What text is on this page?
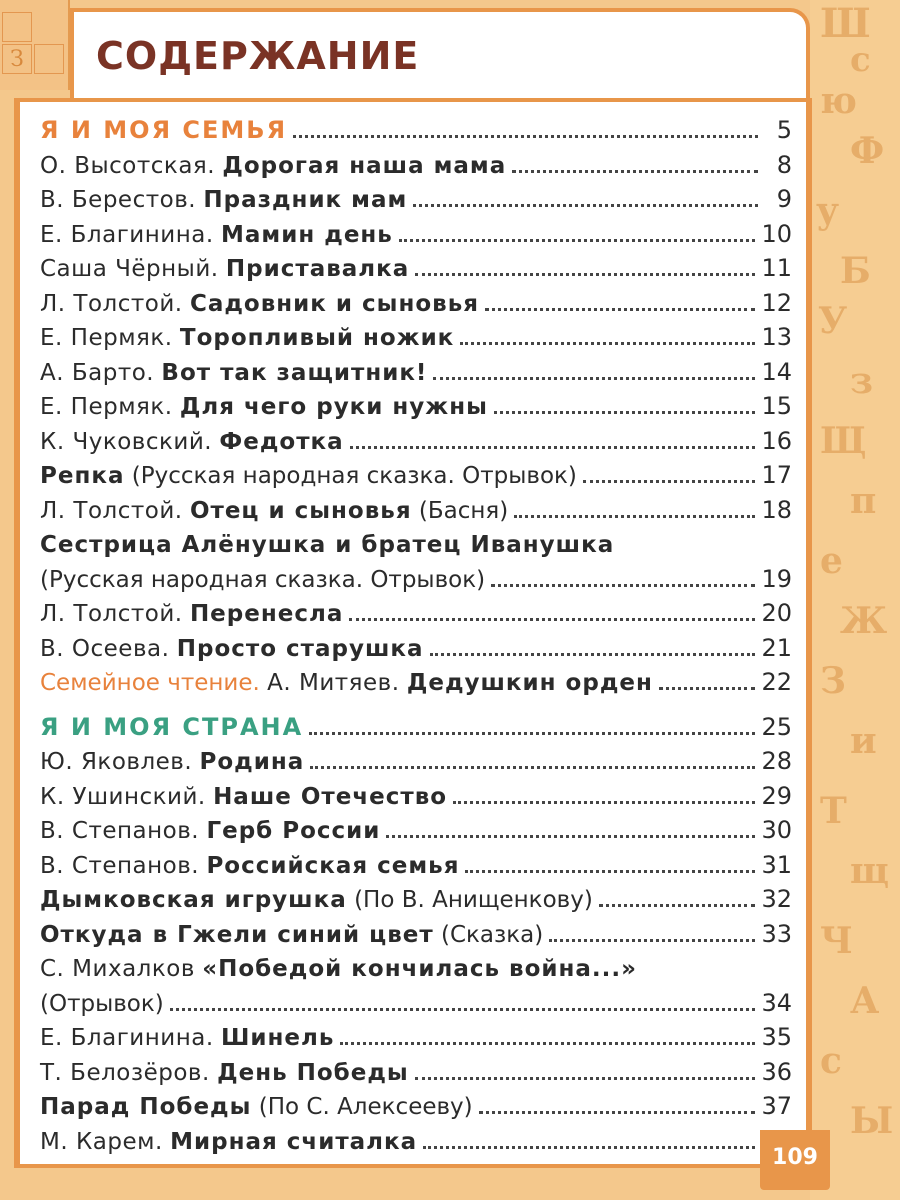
Ш
с
ю
Ф
у
Б
У
з
Щ
п
е
Ж
З
и
Т
щ
Ч
А
с
Ы
З СОДЕРЖАНИЕ
Я И МОЯ СЕМЬЯ	5
О. Высотская. Дорогая наша мама	8
В. Берестов. Праздник мам	9
Е. Благинина. Мамин день	10
Саша Чёрный. Приставалка	11
Л. Толстой. Садовник и сыновья	12
Е. Пермяк. Торопливый ножик	13
А. Барто. Вот так защитник!	14
Е. Пермяк. Для чего руки нужны	15
К. Чуковский. Федотка	16
Репка (Русская народная сказка. Отрывок)	17
Л. Толстой. Отец и сыновья (Басня)	18
Сестрица Алёнушка и братец Иванушка
(Русская народная сказка. Отрывок)	19
Л. Толстой. Перенесла	20
В. Осеева. Просто старушка	21
Семейное чтение. А. Митяев. Дедушкин орден	22
Я И МОЯ СТРАНА	25
Ю. Яковлев. Родина	28
К. Ушинский. Наше Отечество	29
В. Степанов. Герб России	30
В. Степанов. Российская семья	31
Дымковская игрушка (По В. Анищенкову)	32
Откуда в Гжели синий цвет (Сказка)	33
С. Михалков «Победой кончилась война...»
(Отрывок)	34
Е. Благинина. Шинель	35
Т. Белозёров. День Победы	36
Парад Победы (По С. Алексееву)	37
М. Карем. Мирная считалка
109
